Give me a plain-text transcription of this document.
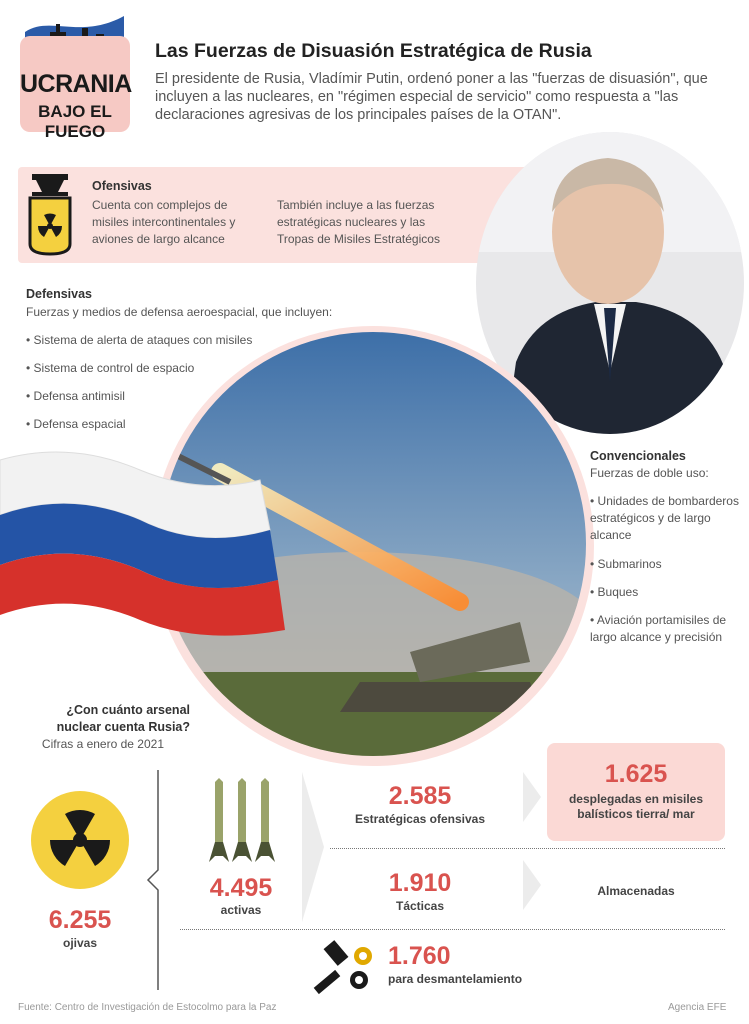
UCRANIA
BAJO EL FUEGO
Las Fuerzas de Disuasión Estratégica de Rusia
El presidente de Rusia, Vladímir Putin, ordenó poner a las "fuerzas de disuasión", que incluyen a las nucleares, en "régimen especial de servicio" como respuesta a "las declaraciones agresivas de los principales países de la OTAN".
Ofensivas
Cuenta con complejos de misiles intercontinentales y aviones de largo alcance
También incluye a las fuerzas estratégicas nucleares y las Tropas de Misiles Estratégicos
Defensivas
Fuerzas y medios de defensa aeroespacial, que incluyen:
• Sistema de alerta de ataques con misiles
• Sistema de control de espacio
• Defensa antimisil
• Defensa espacial
Convencionales
Fuerzas de doble uso:
• Unidades de bombarderos estratégicos y de largo alcance
• Submarinos
• Buques
• Aviación portamisiles de largo alcance y precisión
¿Con cuánto arsenal nuclear cuenta Rusia?
Cifras a enero de 2021
6.255
ojivas
4.495
activas
2.585
Estratégicas ofensivas
1.625
desplegadas en misiles balísticos tierra/ mar
1.910
Tácticas
Almacenadas
1.760
para desmantelamiento
Fuente: Centro de Investigación de Estocolmo para la Paz	Agencia EFE
